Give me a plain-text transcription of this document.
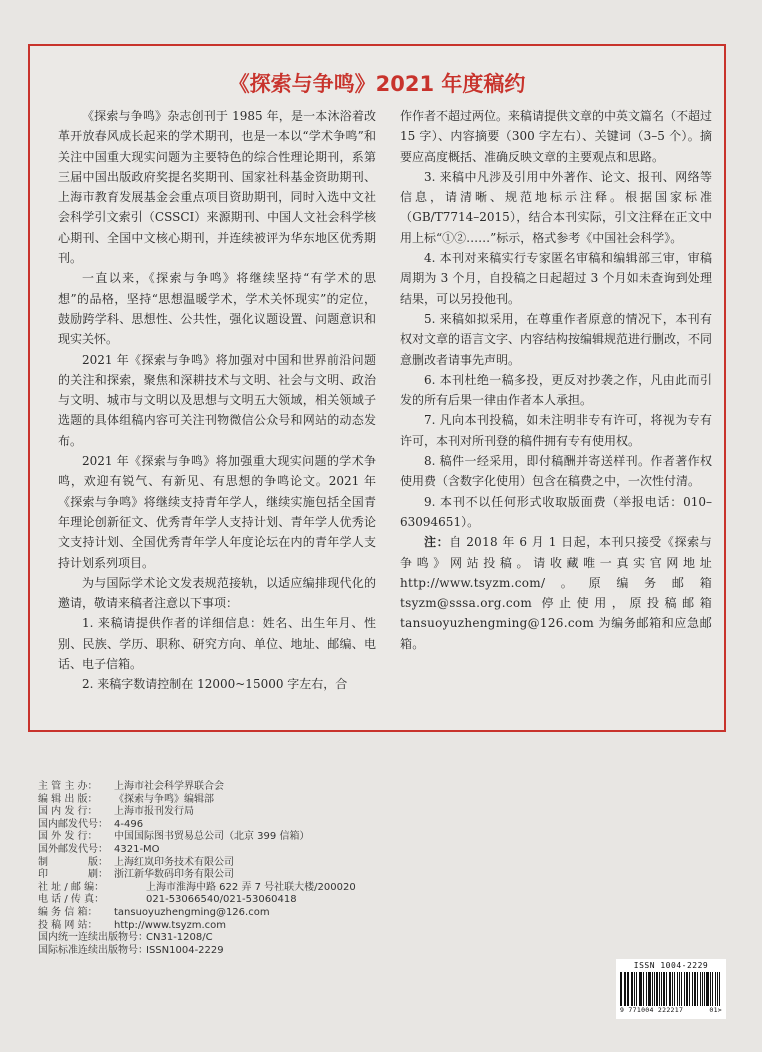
《探索与争鸣》2021 年度稿约

《探索与争鸣》杂志创刊于 1985 年，是一本沐浴着改革开放春风成长起来的学术期刊，也是一本以“学术争鸣”和关注中国重大现实问题为主要特色的综合性理论期刊，系第三届中国出版政府奖提名奖期刊、国家社科基金资助期刊、上海市教育发展基金会重点项目资助期刊，同时入选中文社会科学引文索引（CSSCI）来源期刊、中国人文社会科学核心期刊、全国中文核心期刊，并连续被评为华东地区优秀期刊。

一直以来，《探索与争鸣》将继续坚持“有学术的思想”的品格，坚持“思想温暖学术，学术关怀现实”的定位，鼓励跨学科、思想性、公共性，强化议题设置、问题意识和现实关怀。

2021 年《探索与争鸣》将加强对中国和世界前沿问题的关注和探索，聚焦和深耕技术与文明、社会与文明、政治与文明、城市与文明以及思想与文明五大领域，相关领域子选题的具体组稿内容可关注刊物微信公众号和网站的动态发布。

2021 年《探索与争鸣》将加强重大现实问题的学术争鸣，欢迎有锐气、有新见、有思想的争鸣论文。2021 年《探索与争鸣》将继续支持青年学人，继续实施包括全国青年理论创新征文、优秀青年学人支持计划、青年学人优秀论文支持计划、全国优秀青年学人年度论坛在内的青年学人支持计划系列项目。

为与国际学术论文发表规范接轨，以适应编排现代化的邀请，敬请来稿者注意以下事项：

1. 来稿请提供作者的详细信息：姓名、出生年月、性别、民族、学历、职称、研究方向、单位、地址、邮编、电话、电子信箱。

2. 来稿字数请控制在 12000~15000 字左右，合

作作者不超过两位。来稿请提供文章的中英文篇名（不超过 15 字）、内容摘要（300 字左右）、关键词（3–5 个）。摘要应高度概括、准确反映文章的主要观点和思路。

3. 来稿中凡涉及引用中外著作、论文、报刊、网络等信息，请清晰、规范地标示注释。根据国家标准（GB/T7714–2015），结合本刊实际，引文注释在正文中用上标“①②……”标示，格式参考《中国社会科学》。

4. 本刊对来稿实行专家匿名审稿和编辑部三审，审稿周期为 3 个月，自投稿之日起超过 3 个月如未查询到处理结果，可以另投他刊。

5. 来稿如拟采用，在尊重作者原意的情况下，本刊有权对文章的语言文字、内容结构按编辑规范进行删改，不同意删改者请事先声明。

6. 本刊杜绝一稿多投，更反对抄袭之作，凡由此而引发的所有后果一律由作者本人承担。

7. 凡向本刊投稿，如未注明非专有许可，将视为专有许可，本刊对所刊登的稿件拥有专有使用权。

8. 稿件一经采用，即付稿酬并寄送样刊。作者著作权使用费（含数字化使用）包含在稿费之中，一次性付清。

9. 本刊不以任何形式收取版面费（举报电话：010–63094651）。

注：自 2018 年 6 月 1 日起，本刊只接受《探索与争鸣》网站投稿。请收藏唯一真实官网地址 http://www.tsyzm.com/。原编务邮箱 tsyzm@sssa.org.com 停止使用，原投稿邮箱 tansuoyuzhengming@126.com 为编务邮箱和应急邮箱。

主 管 主 办：	上海市社会科学界联合会
编 辑 出 版：	《探索与争鸣》编辑部
国 内 发 行：	上海市报刊发行局
国内邮发代号： 4-496
国 外 发 行：	中国国际图书贸易总公司（北京 399 信箱）
国外邮发代号： 4321-MO
制　　　　版： 上海红岚印务技术有限公司
印　　　　刷： 浙江新华数码印务有限公司
社 址 / 邮 编：	上海市淮海中路 622 弄 7 号社联大楼/200020
电 话 / 传 真：	021-53066540/021-53060418
编 务 信 箱：	tansuoyuzhengming@126.com
投 稿 网 站：	http://www.tsyzm.com
国内统一连续出版物号：
CN31-1208/C
国际标准连续出版物号：
ISSN1004-2229
ISSN 1004-2229
9 771004 222217	01>
